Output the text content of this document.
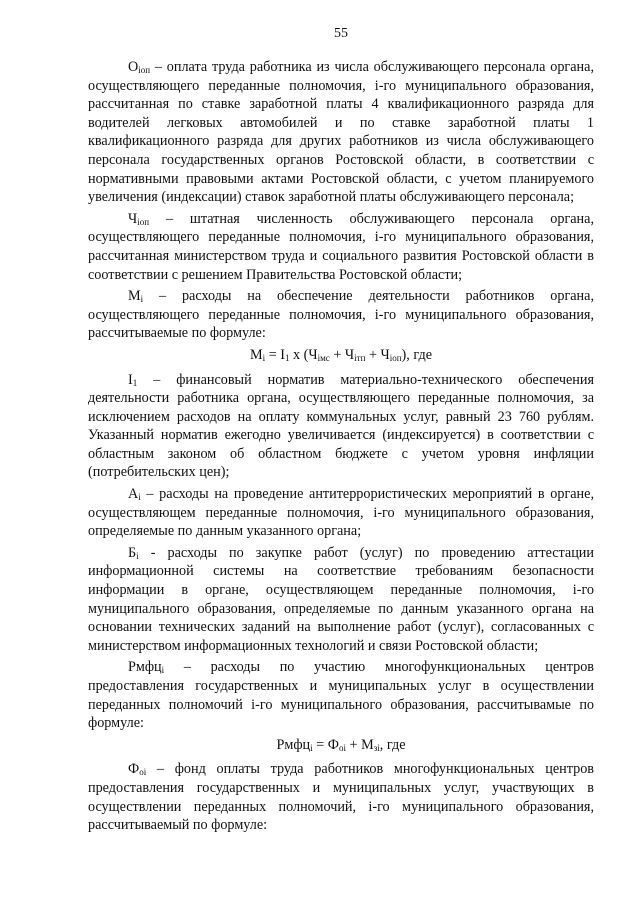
55

$О_{iоп}$ – оплата труда работника из числа обслуживающего персонала органа, осуществляющего переданные полномочия, i-го муниципального образования, рассчитанная по ставке заработной платы 4 квалификационного разряда для водителей легковых автомобилей и по ставке заработной платы 1 квалификационного разряда для других работников из числа обслуживающего персонала государственных органов Ростовской области, в соответствии с нормативными правовыми актами Ростовской области, с учетом планируемого увеличения (индексации) ставок заработной платы обслуживающего персонала;

$Ч_{iоп}$ – штатная численность обслуживающего персонала органа, осуществляющего переданные полномочия, i-го муниципального образования, рассчитанная министерством труда и социального развития Ростовской области в соответствии с решением Правительства Ростовской области;

$М_i$ – расходы на обеспечение деятельности работников органа, осуществляющего переданные полномочия, i-го муниципального образования, рассчитываемые по формуле:

$М_i = I_1$ x $(Ч_{iмс} + Ч_{iтп} + Ч_{iоп})$, где

$I_1$ – финансовый норматив материально-технического обеспечения деятельности работника органа, осуществляющего переданные полномочия, за исключением расходов на оплату коммунальных услуг, равный 23 760 рублям. Указанный норматив ежегодно увеличивается (индексируется) в соответствии с областным законом об областном бюджете с учетом уровня инфляции (потребительских цен);

$А_i$ – расходы на проведение антитеррористических мероприятий в органе, осуществляющем переданные полномочия, i-го муниципального образования, определяемые по данным указанного органа;

$Б_i$ - расходы по закупке работ (услуг) по проведению аттестации информационной системы на соответствие требованиям безопасности информации в органе, осуществляющем переданные полномочия, i-го муниципального образования, определяемые по данным указанного органа на основании технических заданий на выполнение работ (услуг), согласованных с министерством информационных технологий и связи Ростовской области;

Рмфц$_i$ – расходы по участию многофункциональных центров предоставления государственных и муниципальных услуг в осуществлении переданных полномочий i-го муниципального образования, рассчитывамые по формуле:

Рмфц$_i$ = $Ф_{оi} + М_{зi}$, где

$Ф_{оi}$ – фонд оплаты труда работников многофункциональных центров предоставления государственных и муниципальных услуг, участвующих в осуществлении переданных полномочий, i-го муниципального образования, рассчитываемый по формуле:
